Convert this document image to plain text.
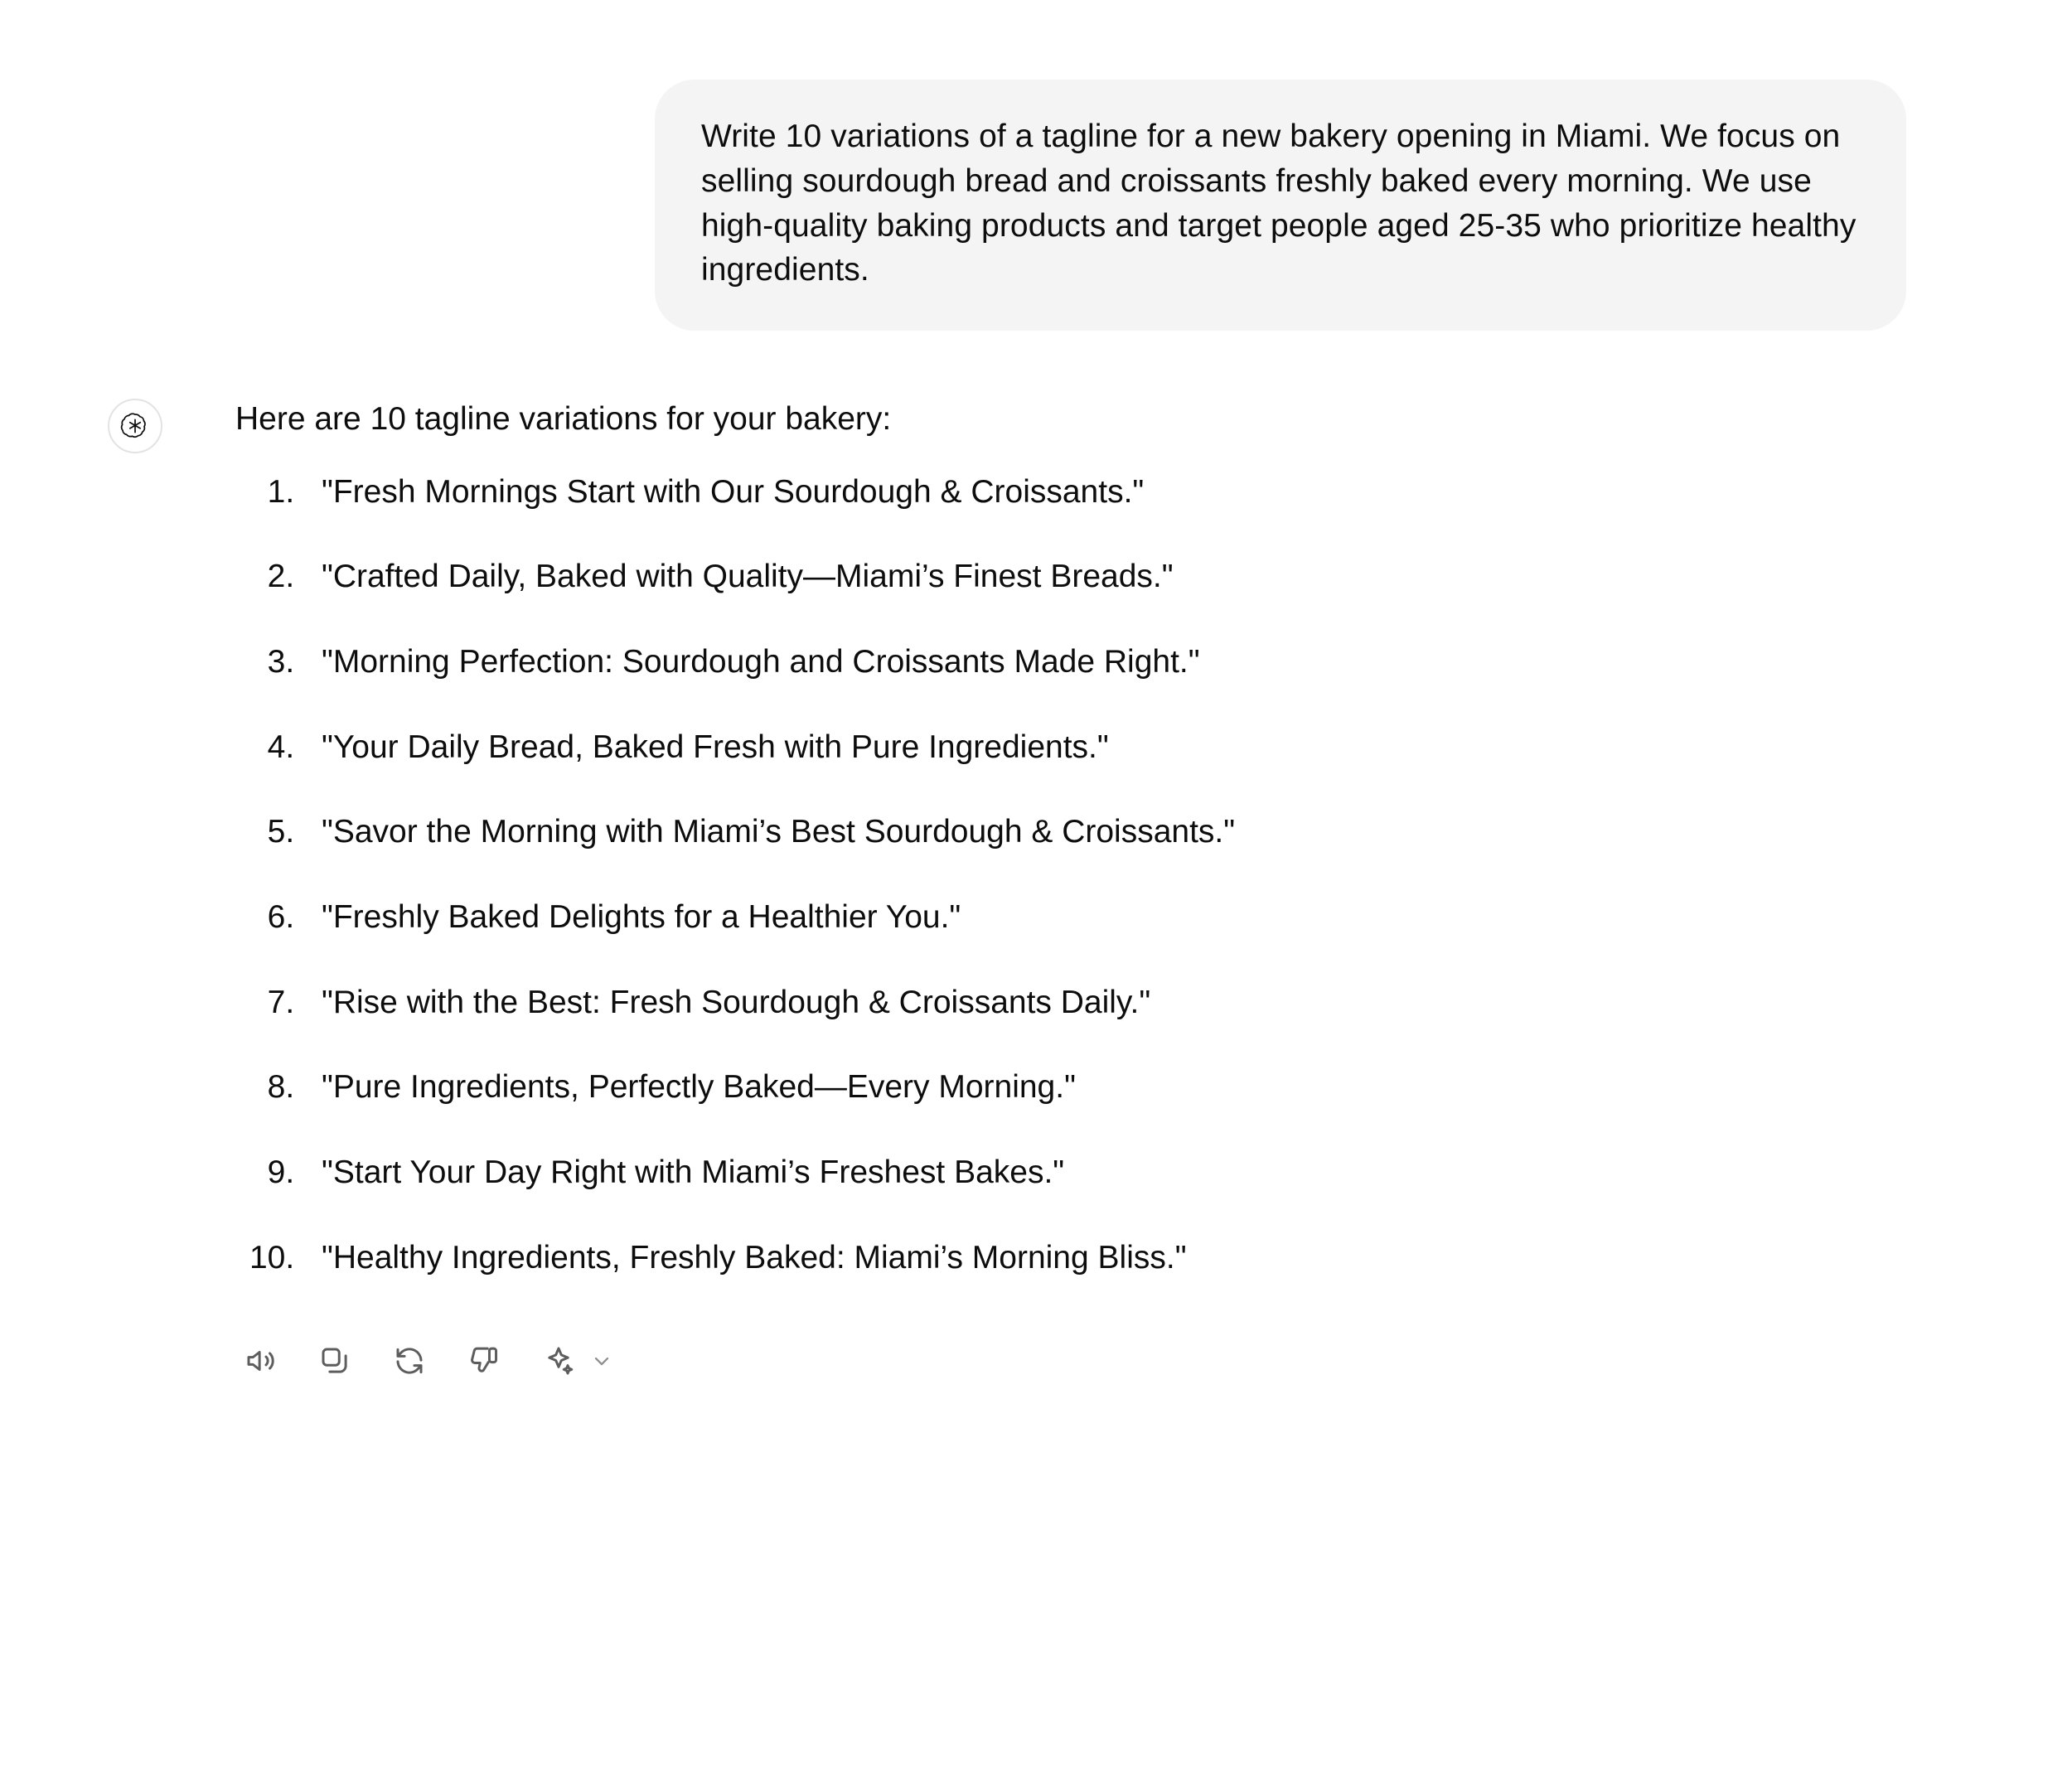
Write 10 variations of a tagline for a new bakery opening in Miami. We focus on selling sourdough bread and croissants freshly baked every morning. We use high-quality baking products and target people aged 25-35 who prioritize healthy ingredients.

Here are 10 tagline variations for your bakery:

1. "Fresh Mornings Start with Our Sourdough & Croissants."
2. "Crafted Daily, Baked with Quality—Miami’s Finest Breads."
3. "Morning Perfection: Sourdough and Croissants Made Right."
4. "Your Daily Bread, Baked Fresh with Pure Ingredients."
5. "Savor the Morning with Miami’s Best Sourdough & Croissants."
6. "Freshly Baked Delights for a Healthier You."
7. "Rise with the Best: Fresh Sourdough & Croissants Daily."
8. "Pure Ingredients, Perfectly Baked—Every Morning."
9. "Start Your Day Right with Miami’s Freshest Bakes."
10. "Healthy Ingredients, Freshly Baked: Miami’s Morning Bliss."
